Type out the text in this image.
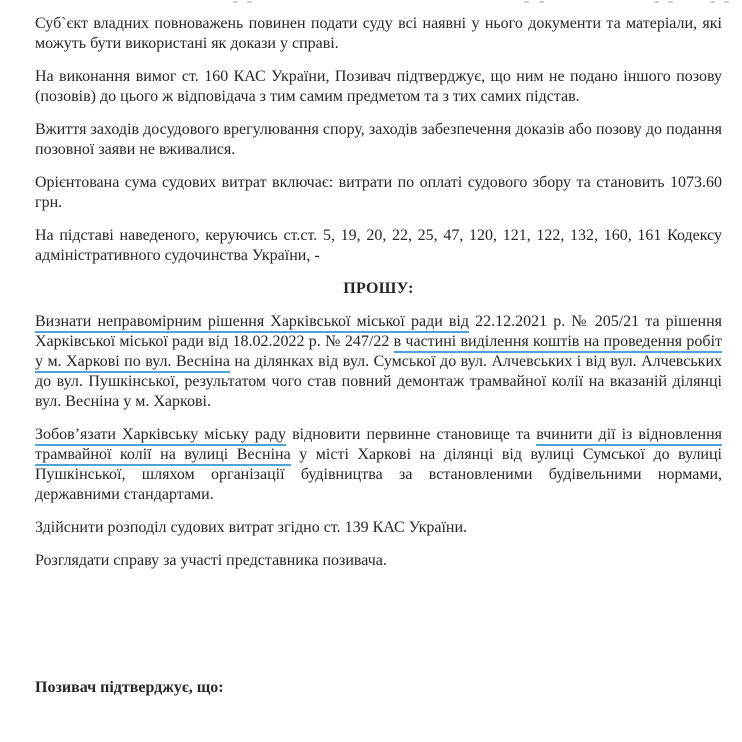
Суб`єкт владних повноважень повинен подати суду всі наявні у нього документи та матеріали, які можуть бути використані як докази у справі.

На виконання вимог ст. 160 КАС України, Позивач підтверджує, що ним не подано іншого позову (позовів) до цього ж відповідача з тим самим предметом та з тих самих підстав.

Вжиття заходів досудового врегулювання спору, заходів забезпечення доказів або позову до подання позовної заяви не вживалися.

Орієнтована сума судових витрат включає: витрати по оплаті судового збору та становить 1073.60 грн.

На підставі наведеного, керуючись ст.ст. 5, 19, 20, 22, 25, 47, 120, 121, 122, 132, 160, 161 Кодексу адміністративного судочинства України, -

ПРОШУ:

Визнати неправомірним рішення Харківської міської ради від 22.12.2021 р. № 205/21 та рішення Харківської міської ради від 18.02.2022 р. № 247/22 в частині виділення коштів на проведення робіт у м. Харкові по вул. Весніна на ділянках від вул. Сумської до вул. Алчевських і від вул. Алчевських до вул. Пушкінської, результатом чого став повний демонтаж трамвайної колії на вказаній ділянці вул. Весніна у м. Харкові.

Зобов’язати Харківську міську раду відновити первинне становище та вчинити дії із відновлення трамвайної колії на вулиці Весніна у місті Харкові на ділянці від вулиці Сумської до вулиці Пушкінської, шляхом організації будівництва за встановленими будівельними нормами, державними стандартами.

Здійснити розподіл судових витрат згідно ст. 139 КАС України.

Розглядати справу за участі представника позивача.

Позивач підтверджує, що:
